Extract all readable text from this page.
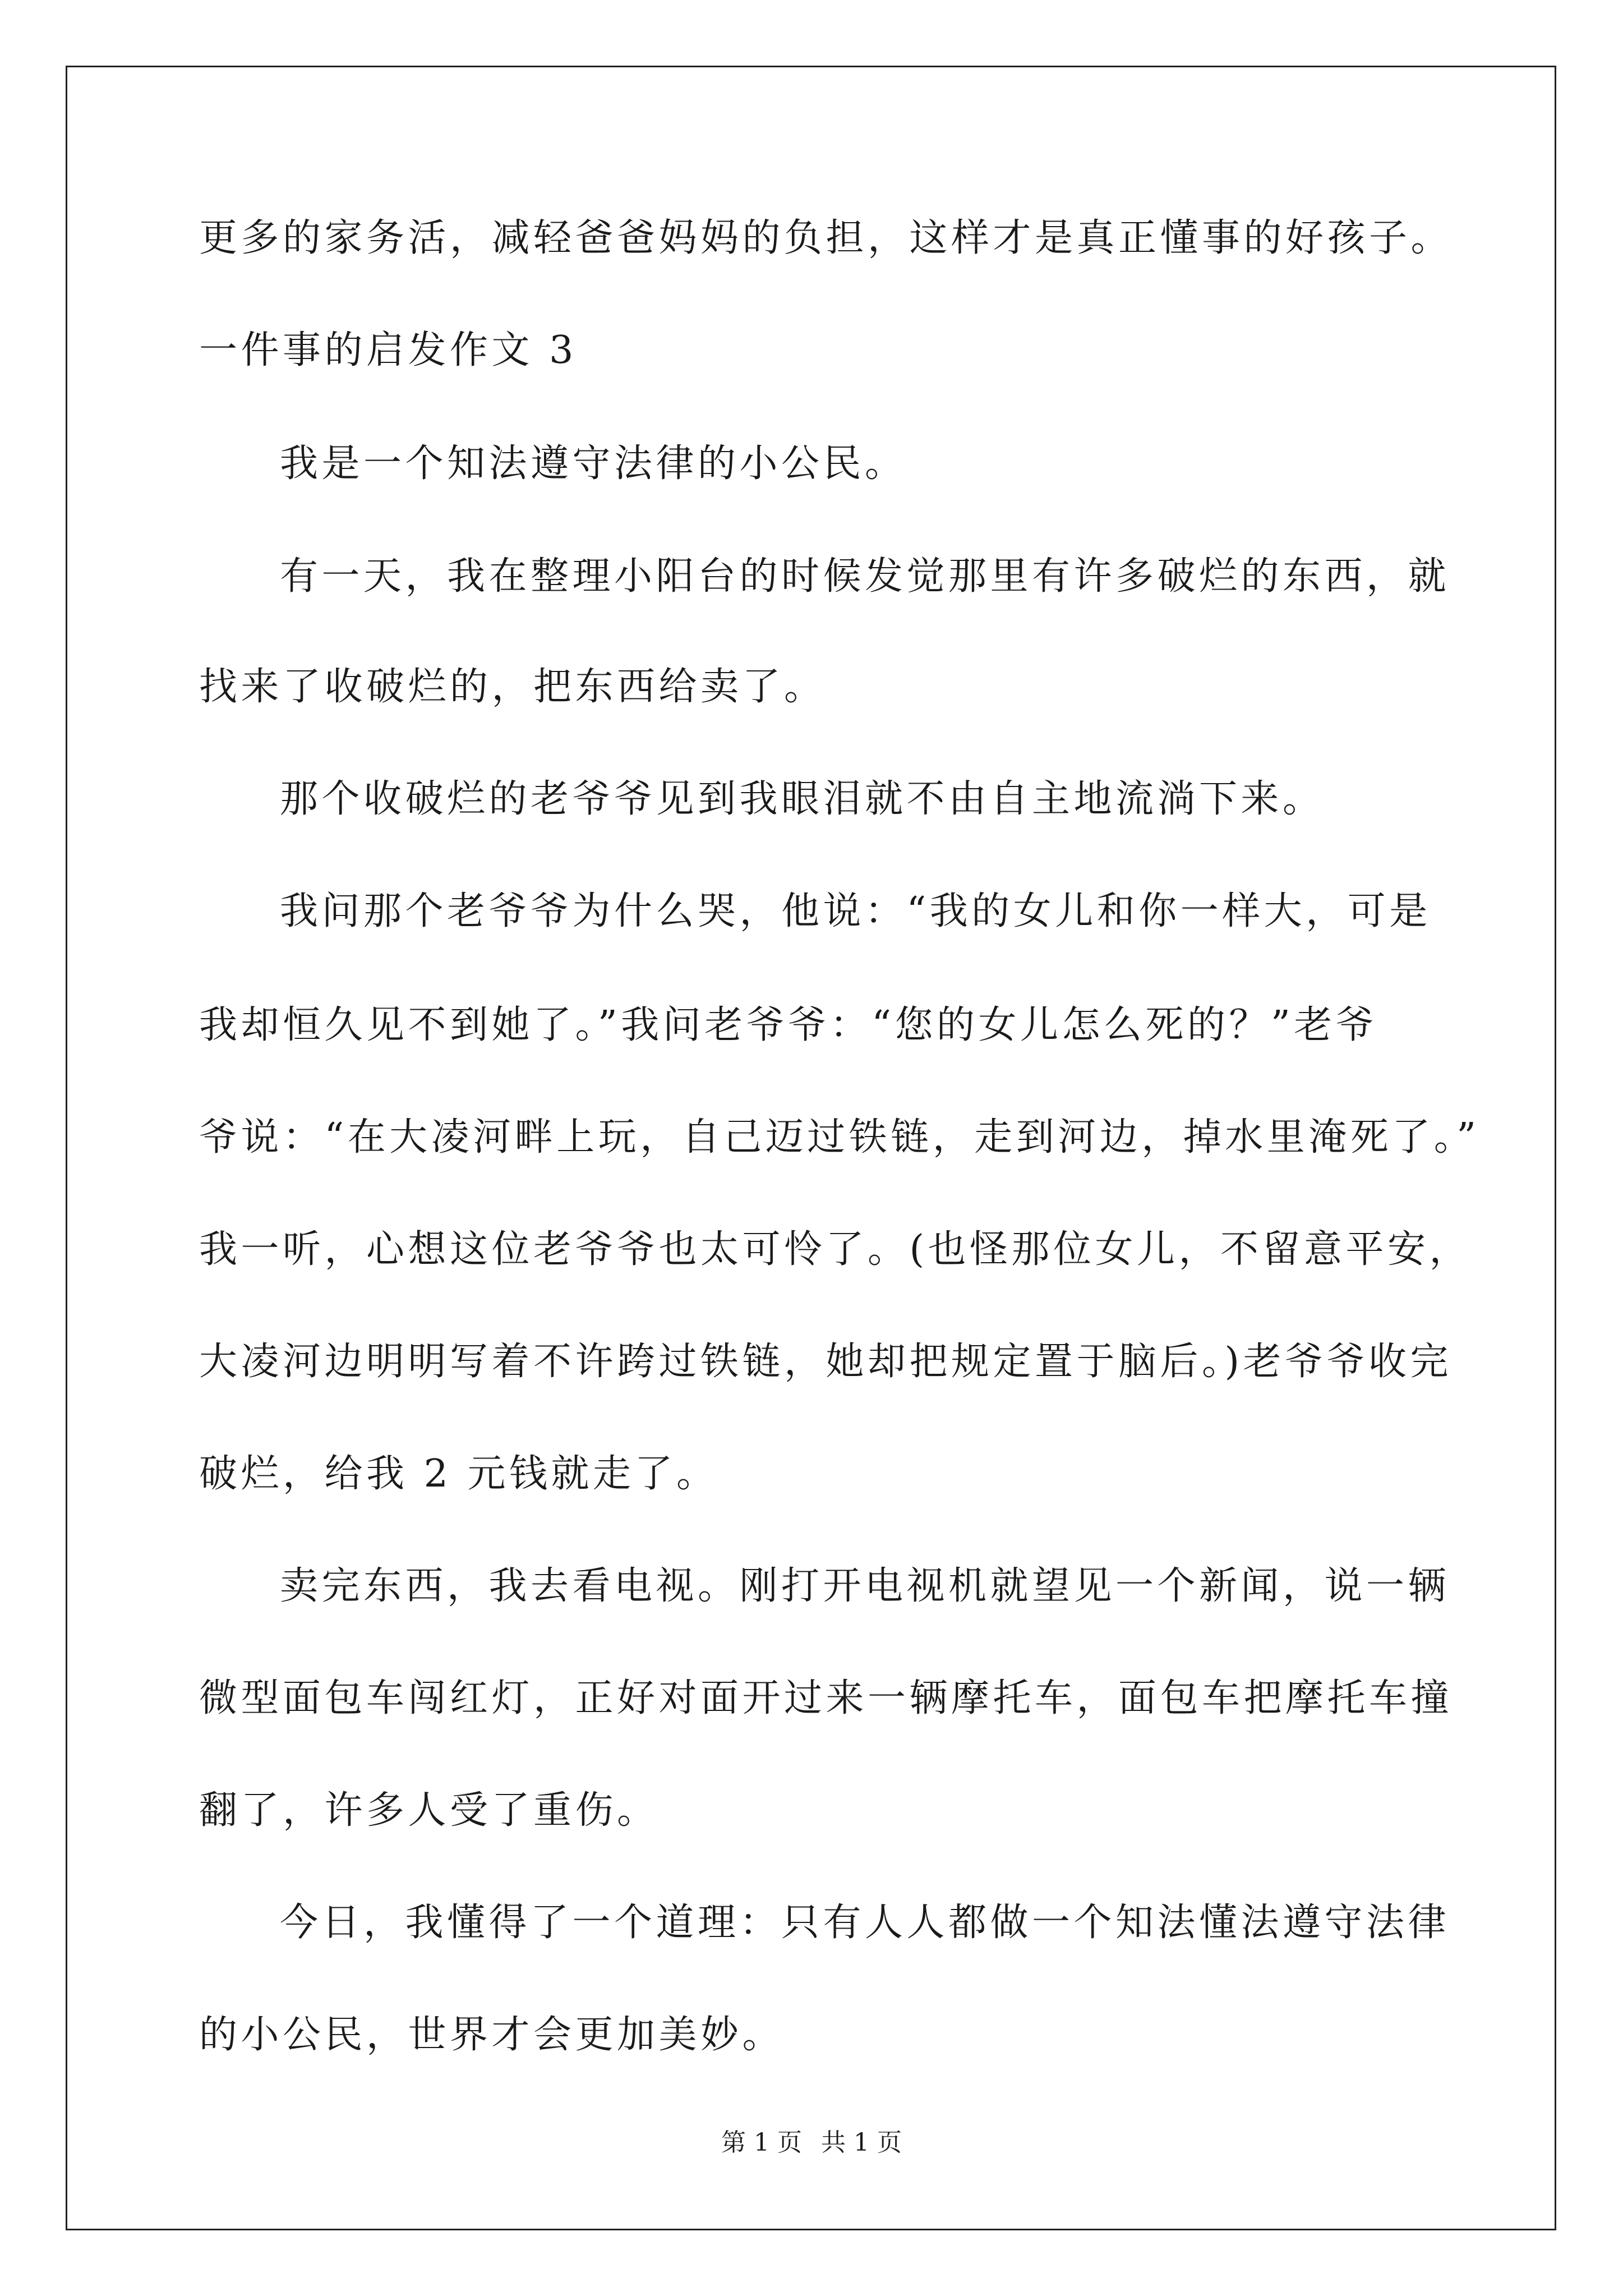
更多的家务活，减轻爸爸妈妈的负担，这样才是真正懂事的好孩子。
一件事的启发作文 3
我是一个知法遵守法律的小公民。
有一天，我在整理小阳台的时候发觉那里有许多破烂的东西，就
找来了收破烂的，把东西给卖了。
那个收破烂的老爷爷见到我眼泪就不由自主地流淌下来。
我问那个老爷爷为什么哭，他说：“我的女儿和你一样大，可是
我却恒久见不到她了。”我问老爷爷：“您的女儿怎么死的？”老爷
爷说：“在大凌河畔上玩，自己迈过铁链，走到河边，掉水里淹死了。”
我一听，心想这位老爷爷也太可怜了。(也怪那位女儿，不留意平安，
大凌河边明明写着不许跨过铁链，她却把规定置于脑后。)老爷爷收完
破烂，给我 2 元钱就走了。
卖完东西，我去看电视。刚打开电视机就望见一个新闻，说一辆
微型面包车闯红灯，正好对面开过来一辆摩托车，面包车把摩托车撞
翻了，许多人受了重伤。
今日，我懂得了一个道理：只有人人都做一个知法懂法遵守法律
的小公民，世界才会更加美妙。
第 1 页 共 1 页
